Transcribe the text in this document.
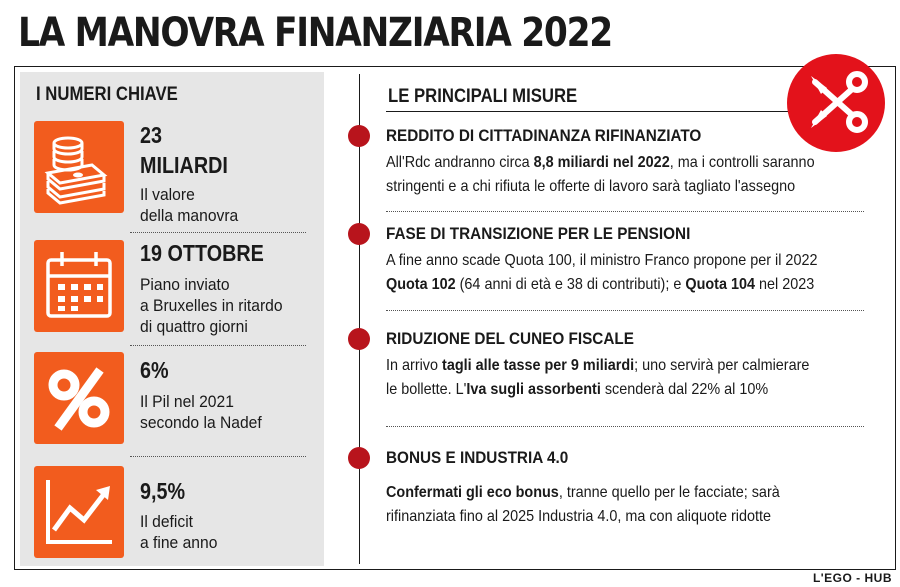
LA MANOVRA FINANZIARIA 2022
I NUMERI CHIAVE
23
MILIARDI
Il valore
della manovra
19 OTTOBRE
Piano inviato
a Bruxelles in ritardo
di quattro giorni
6%
Il Pil nel 2021
secondo la Nadef
9,5%
Il deficit
a fine anno
LE PRINCIPALI MISURE
REDDITO DI CITTADINANZA RIFINANZIATO
All'Rdc andranno circa 8,8 miliardi nel 2022, ma i controlli saranno
stringenti e a chi rifiuta le offerte di lavoro sarà tagliato l'assegno
FASE DI TRANSIZIONE PER LE PENSIONI
A fine anno scade Quota 100, il ministro Franco propone per il 2022
Quota 102 (64 anni di età e 38 di contributi); e Quota 104 nel 2023
RIDUZIONE DEL CUNEO FISCALE
In arrivo tagli alle tasse per 9 miliardi; uno servirà per calmierare
le bollette. L'Iva sugli assorbenti scenderà dal 22% al 10%
BONUS E INDUSTRIA 4.0
Confermati gli eco bonus, tranne quello per le facciate; sarà
rifinanziata fino al 2025 Industria 4.0, ma con aliquote ridotte
L'EGO - HUB
